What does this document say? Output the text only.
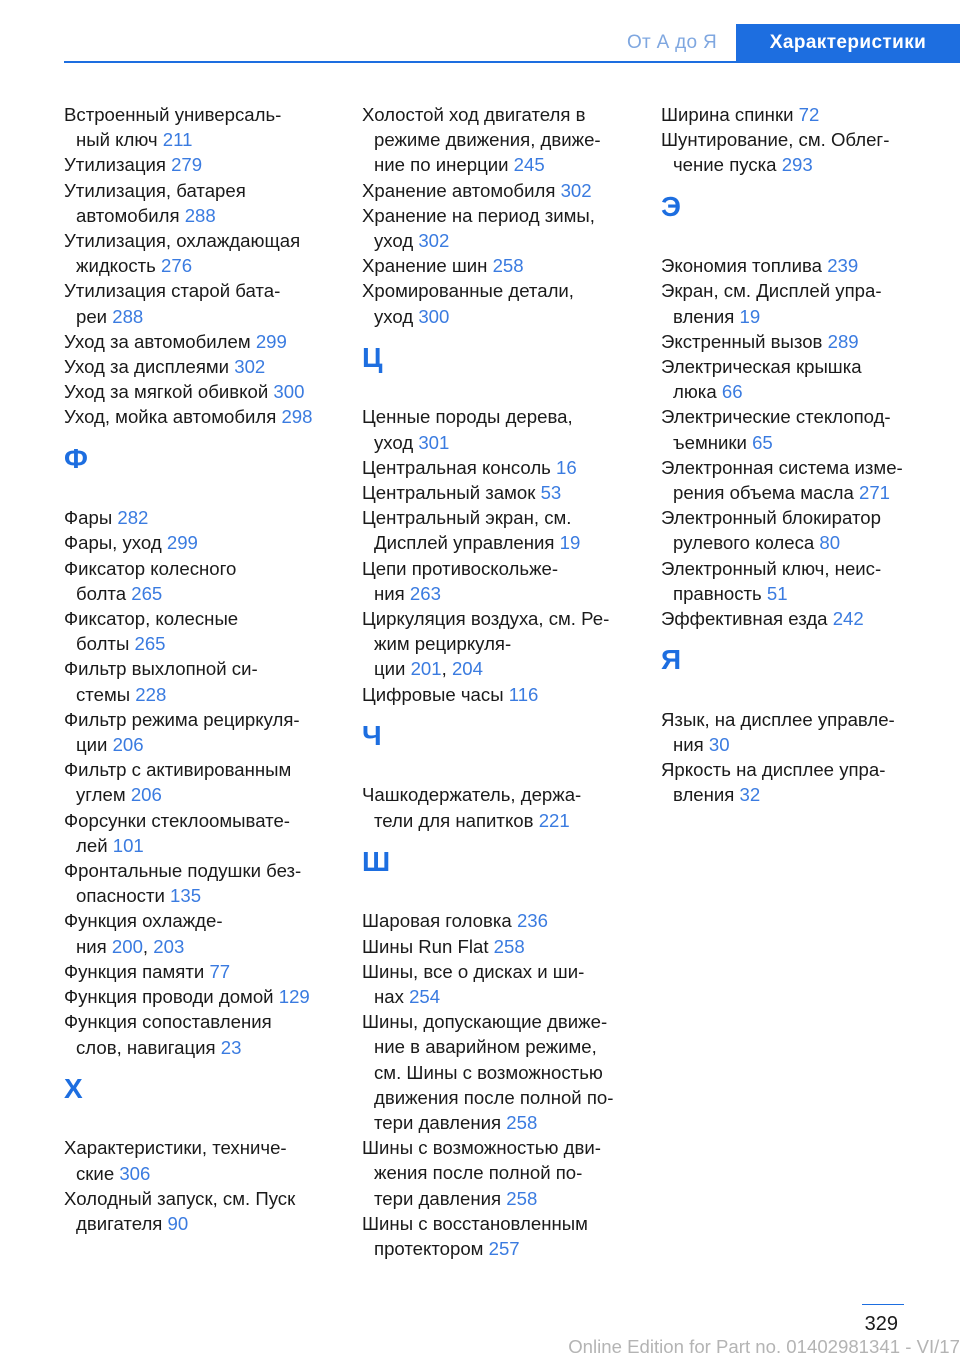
От А до Я	Характеристики
Встроенный универсаль-
ный ключ 211
Утилизация 279
Утилизация, батарея
автомобиля 288
Утилизация, охлаждающая
жидкость 276
Утилизация старой бата-
реи 288
Уход за автомобилем 299
Уход за дисплеями 302
Уход за мягкой обивкой 300
Уход, мойка автомобиля 298
Ф
Фары 282
Фары, уход 299
Фиксатор колесного
болта 265
Фиксатор, колесные
болты 265
Фильтр выхлопной си-
стемы 228
Фильтр режима рециркуля-
ции 206
Фильтр с активированным
углем 206
Форсунки стеклоомывате-
лей 101
Фронтальные подушки без-
опасности 135
Функция охлажде-
ния 200, 203
Функция памяти 77
Функция проводи домой 129
Функция сопоставления
слов, навигация 23
Х
Характеристики, техниче-
ские 306
Холодный запуск, см. Пуск
двигателя 90
Холостой ход двигателя в
режиме движения, движе-
ние по инерции 245
Хранение автомобиля 302
Хранение на период зимы,
уход 302
Хранение шин 258
Хромированные детали,
уход 300
Ц
Ценные породы дерева,
уход 301
Центральная консоль 16
Центральный замок 53
Центральный экран, см.
Дисплей управления 19
Цепи противоскольже-
ния 263
Циркуляция воздуха, см. Ре-
жим рециркуля-
ции 201, 204
Цифровые часы 116
Ч
Чашкодержатель, держа-
тели для напитков 221
Ш
Шаровая головка 236
Шины Run Flat 258
Шины, все о дисках и ши-
нах 254
Шины, допускающие движе-
ние в аварийном режиме,
см. Шины с возможностью
движения после полной по-
тери давления 258
Шины с возможностью дви-
жения после полной по-
тери давления 258
Шины с восстановленным
протектором 257
Ширина спинки 72
Шунтирование, см. Облег-
чение пуска 293
Э
Экономия топлива 239
Экран, см. Дисплей упра-
вления 19
Экстренный вызов 289
Электрическая крышка
люка 66
Электрические стеклопод-
ъемники 65
Электронная система изме-
рения объема масла 271
Электронный блокиратор
рулевого колеса 80
Электронный ключ, неис-
правность 51
Эффективная езда 242
Я
Язык, на дисплее управле-
ния 30
Яркость на дисплее упра-
вления 32
329
Online Edition for Part no. 01402981341 - VI/17
